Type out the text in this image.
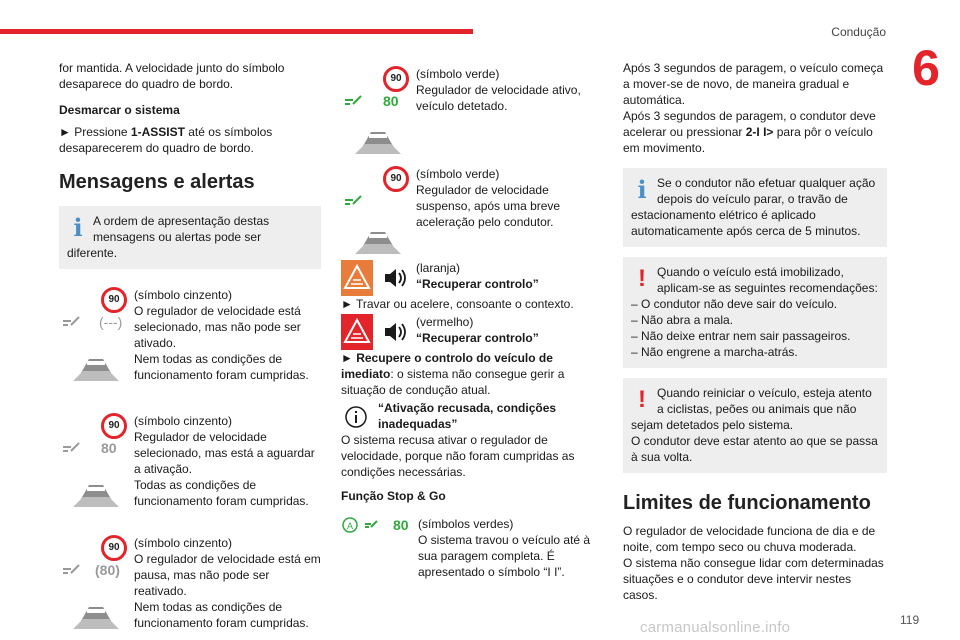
Condução
6

for mantida. A velocidade junto do símbolo desaparece do quadro de bordo.

Desmarcar o sistema

► Pressione 1-ASSIST até os símbolos desaparecerem do quadro de bordo.

Mensagens e alertas

i A ordem de apresentação destas mensagens ou alertas pode ser diferente.
90
(---)

(símbolo cinzento)

O regulador de velocidade está selecionado, mas não pode ser ativado.

Nem todas as condições de funcionamento foram cumpridas.

90
80

(símbolo cinzento)

Regulador de velocidade selecionado, mas está a aguardar a ativação.

Todas as condições de funcionamento foram cumpridas.

90
(80)

(símbolo cinzento)

O regulador de velocidade está em pausa, mas não pode ser reativado.

Nem todas as condições de funcionamento foram cumpridas.

90
80

(símbolo verde)

Regulador de velocidade ativo, veículo detetado.

90	(símbolo verde)

Regulador de velocidade suspenso, após uma breve aceleração pelo condutor.

(laranja)

“Recuperar controlo”

► Travar ou acelere, consoante o contexto.

(vermelho)

“Recuperar controlo”

► Recupere o controlo do veículo de imediato: o sistema não consegue gerir a situação de condução atual.

“Ativação recusada, condições inadequadas”

O sistema recusa ativar o regulador de velocidade, porque não foram cumpridas as condições necessárias.

Função Stop & Go

A	80 (símbolos verdes)

O sistema travou o veículo até à sua paragem completa. É apresentado o símbolo “I I”.

Após 3 segundos de paragem, o veículo começa a mover-se de novo, de maneira gradual e automática.

Após 3 segundos de paragem, o condutor deve acelerar ou pressionar 2-I I> para pôr o veículo em movimento.

i Se o condutor não efetuar qualquer ação depois do veículo parar, o travão de estacionamento elétrico é aplicado automaticamente após cerca de 5 minutos.
! Quando o veículo está imobilizado, aplicam-se as seguintes recomendações:

– O condutor não deve sair do veículo.

– Não abra a mala.

– Não deixe entrar nem sair passageiros.

– Não engrene a marcha-atrás.

! Quando reiniciar o veículo, esteja atento a ciclistas, peões ou animais que não sejam detetados pelo sistema.

O condutor deve estar atento ao que se passa à sua volta.

Limites de funcionamento

O regulador de velocidade funciona de dia e de noite, com tempo seco ou chuva moderada.

O sistema não consegue lidar com determinadas situações e o condutor deve intervir nestes casos.

carmanualsonline.info	119
